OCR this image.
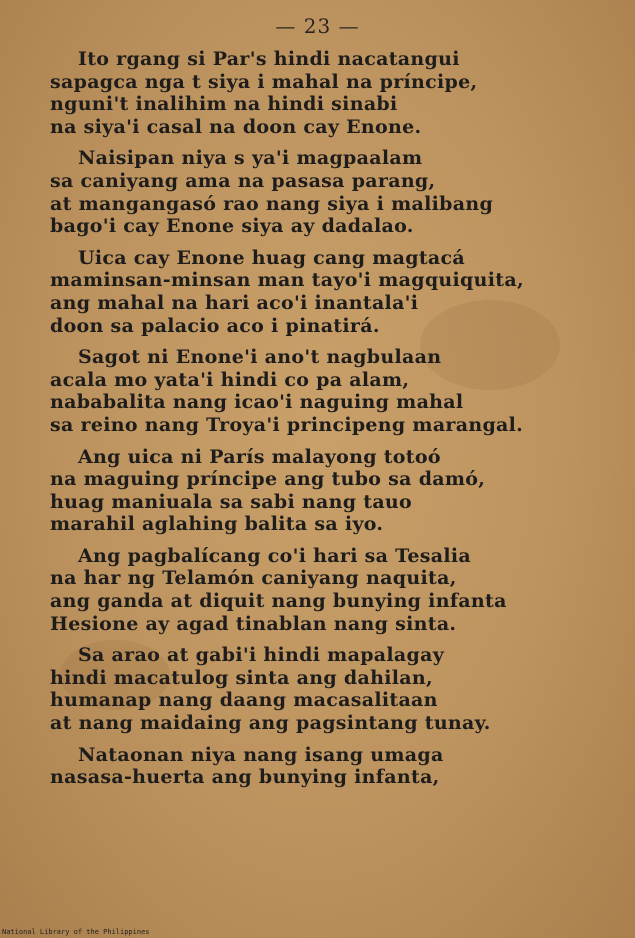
— 23 —
Ito rgang si Par's hindi nacatangui
sapagca nga t siya i mahal na príncipe,
nguni't inalihim na hindi sinabi
na siya'i casal na doon cay Enone.
Naisipan niya s ya'i magpaalam
sa caniyang ama na pasasa parang,
at mangangasó rao nang siya i malibang
bago'i cay Enone siya ay dadalao.
Uica cay Enone huag cang magtacá
maminsan-minsan man tayo'i magquiquita,
ang mahal na hari aco'i inantala'i
doon sa palacio aco i pinatirá.
Sagot ni Enone'i ano't nagbulaan
acala mo yata'i hindi co pa alam,
nababalita nang icao'i naguing mahal
sa reino nang Troya'i principeng marangal.
Ang uica ni París malayong totoó
na maguing príncipe ang tubo sa damó,
huag maniuala sa sabi nang tauo
marahil aglahing balita sa iyo.
Ang pagbalícang co'i hari sa Tesalia
na har ng Telamón caniyang naquita,
ang ganda at diquit nang bunying infanta
Hesione ay agad tinablan nang sinta.
Sa arao at gabi'i hindi mapalagay
hindi macatulog sinta ang dahilan,
humanap nang daang macasalitaan
at nang maidaing ang pagsintang tunay.
Nataonan niya nang isang umaga
nasasa-huerta ang bunying infanta,
National Library of the Philippines
